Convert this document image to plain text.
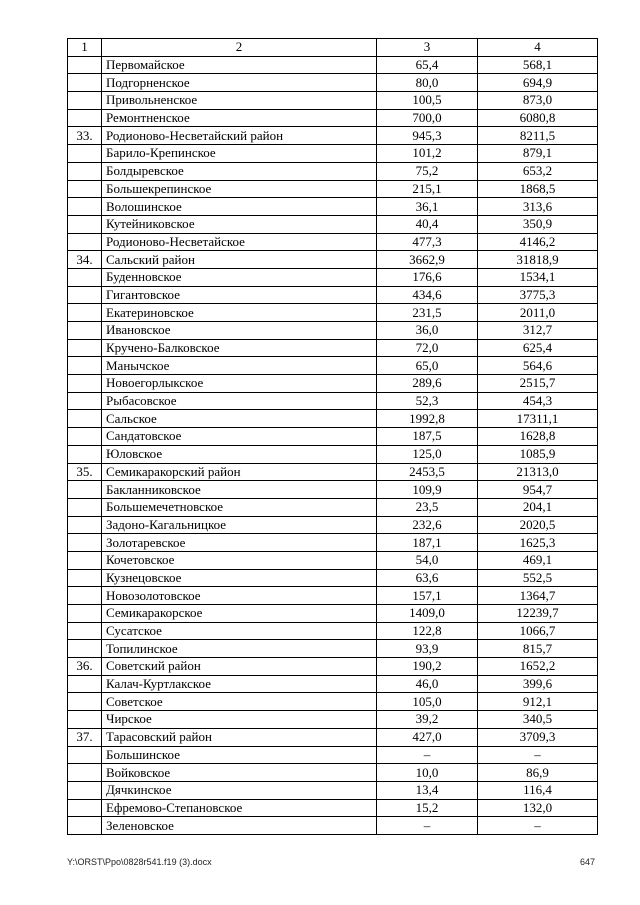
1	2	3	4
	Первомайское	65,4	568,1
	Подгорненское	80,0	694,9
	Привольненское	100,5	873,0
	Ремонтненское	700,0	6080,8
33.	Родионово-Несветайский район	945,3	8211,5
	Барило-Крепинское	101,2	879,1
	Болдыревское	75,2	653,2
	Большекрепинское	215,1	1868,5
	Волошинское	36,1	313,6
	Кутейниковское	40,4	350,9
	Родионово-Несветайское	477,3	4146,2
34.	Сальский район	3662,9	31818,9
	Буденновское	176,6	1534,1
	Гигантовское	434,6	3775,3
	Екатериновское	231,5	2011,0
	Ивановское	36,0	312,7
	Кручено-Балковское	72,0	625,4
	Манычское	65,0	564,6
	Новоегорлыкское	289,6	2515,7
	Рыбасовское	52,3	454,3
	Сальское	1992,8	17311,1
	Сандатовское	187,5	1628,8
	Юловское	125,0	1085,9
35.	Семикаракорский район	2453,5	21313,0
	Бакланниковское	109,9	954,7
	Большемечетновское	23,5	204,1
	Задоно-Кагальницкое	232,6	2020,5
	Золотаревское	187,1	1625,3
	Кочетовское	54,0	469,1
	Кузнецовское	63,6	552,5
	Новозолотовское	157,1	1364,7
	Семикаракорское	1409,0	12239,7
	Сусатское	122,8	1066,7
	Топилинское	93,9	815,7
36.	Советский район	190,2	1652,2
	Калач-Куртлакское	46,0	399,6
	Советское	105,0	912,1
	Чирское	39,2	340,5
37.	Тарасовский район	427,0	3709,3
	Большинское	–	–
	Войковское	10,0	86,9
	Дячкинское	13,4	116,4
	Ефремово-Степановское	15,2	132,0
	Зеленовское	–	–
Y:\ORST\Ppo\0828r541.f19 (3).docx	647
